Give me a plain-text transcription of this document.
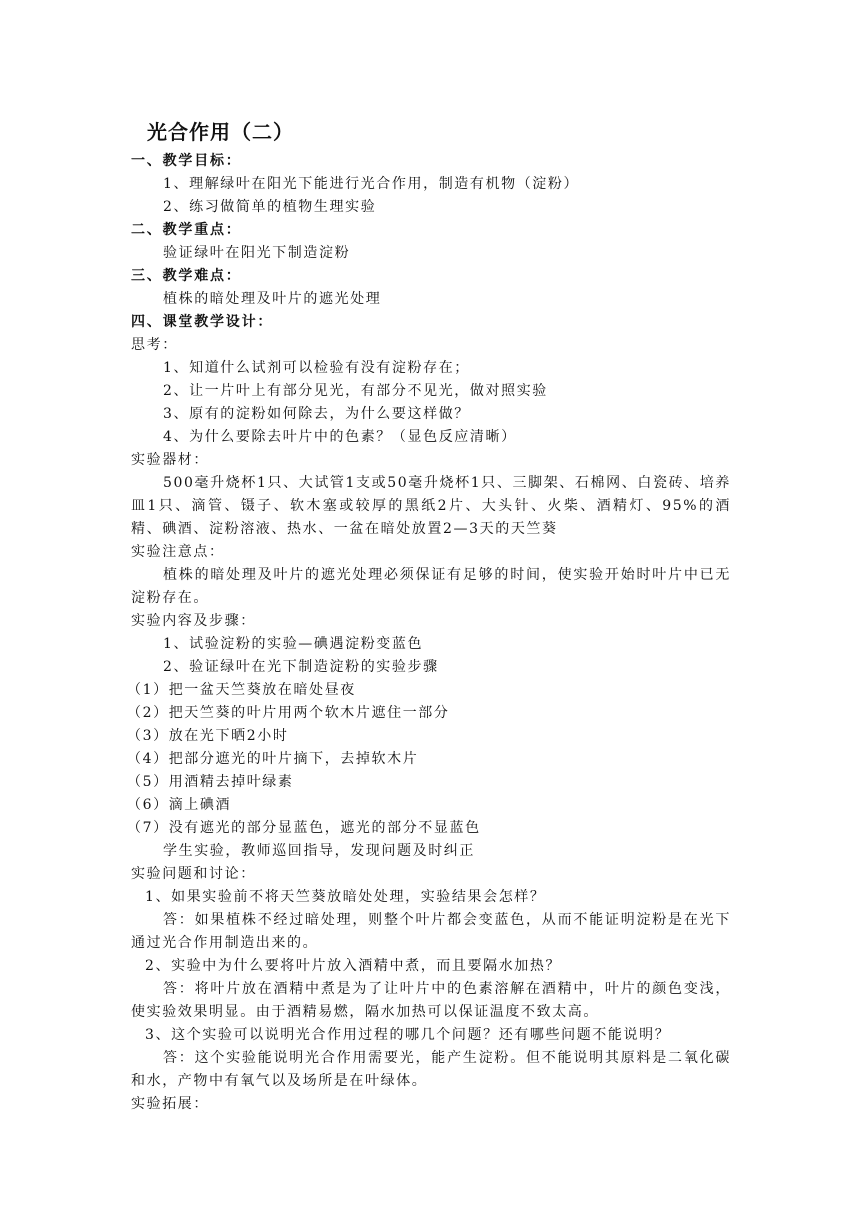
光合作用（二）
一、教学目标：
1、理解绿叶在阳光下能进行光合作用，制造有机物（淀粉）
2、练习做简单的植物生理实验
二、教学重点：
验证绿叶在阳光下制造淀粉
三、教学难点：
植株的暗处理及叶片的遮光处理
四、课堂教学设计：
思考：
1、知道什么试剂可以检验有没有淀粉存在；
2、让一片叶上有部分见光，有部分不见光，做对照实验
3、原有的淀粉如何除去，为什么要这样做？
4、为什么要除去叶片中的色素？（显色反应清晰）
实验器材：
500毫升烧杯1只、大试管1支或50毫升烧杯1只、三脚架、石棉网、白瓷砖、培养皿1只、滴管、镊子、软木塞或较厚的黑纸2片、大头针、火柴、酒精灯、95%的酒精、碘酒、淀粉溶液、热水、一盆在暗处放置2—3天的天竺葵
实验注意点：
植株的暗处理及叶片的遮光处理必须保证有足够的时间，使实验开始时叶片中已无淀粉存在。
实验内容及步骤：
1、试验淀粉的实验—碘遇淀粉变蓝色
2、验证绿叶在光下制造淀粉的实验步骤
（1）把一盆天竺葵放在暗处昼夜
（2）把天竺葵的叶片用两个软木片遮住一部分
（3）放在光下晒2小时
（4）把部分遮光的叶片摘下，去掉软木片
（5）用酒精去掉叶绿素
（6）滴上碘酒
（7）没有遮光的部分显蓝色，遮光的部分不显蓝色
学生实验，教师巡回指导，发现问题及时纠正
实验问题和讨论：
1、如果实验前不将天竺葵放暗处处理，实验结果会怎样？
答：如果植株不经过暗处理，则整个叶片都会变蓝色，从而不能证明淀粉是在光下通过光合作用制造出来的。
2、实验中为什么要将叶片放入酒精中煮，而且要隔水加热？
答：将叶片放在酒精中煮是为了让叶片中的色素溶解在酒精中，叶片的颜色变浅，使实验效果明显。由于酒精易燃，隔水加热可以保证温度不致太高。
3、这个实验可以说明光合作用过程的哪几个问题？还有哪些问题不能说明？
答：这个实验能说明光合作用需要光，能产生淀粉。但不能说明其原料是二氧化碳和水，产物中有氧气以及场所是在叶绿体。
实验拓展：
